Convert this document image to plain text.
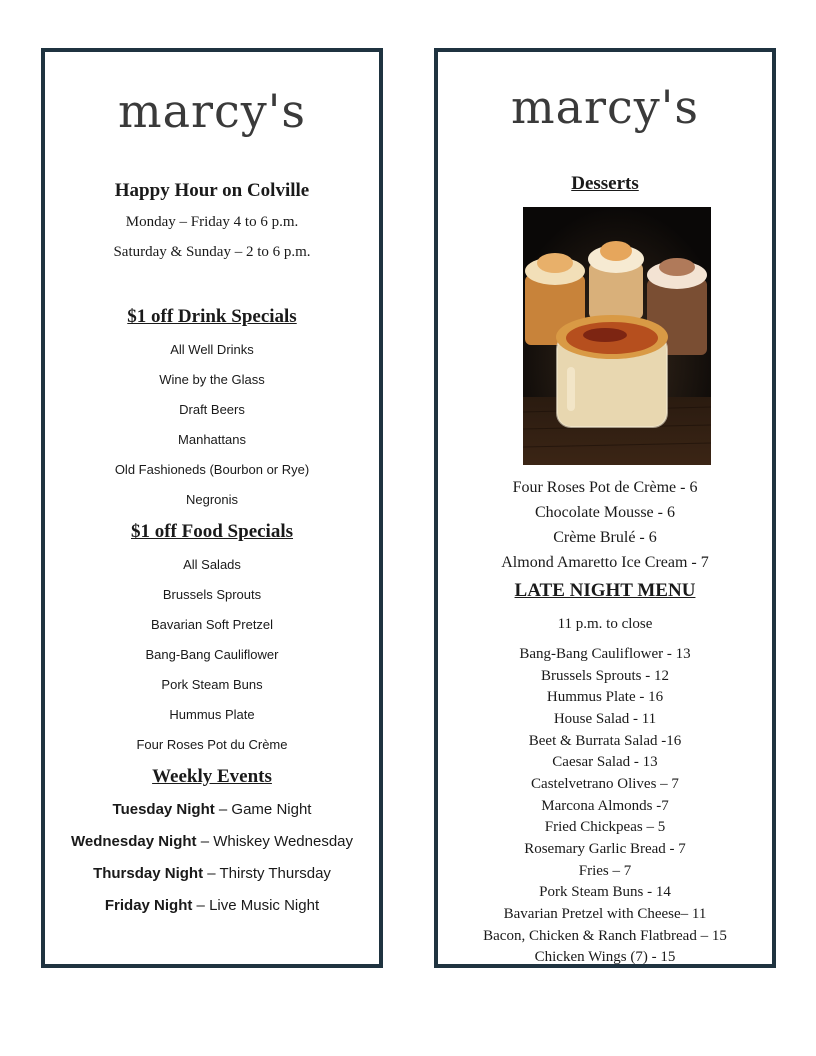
marcy's
Happy Hour on Colville
Monday – Friday 4 to 6 p.m.
Saturday & Sunday – 2 to 6 p.m.
$1 off Drink Specials
All Well Drinks
Wine by the Glass
Draft Beers
Manhattans
Old Fashioneds (Bourbon or Rye)
Negronis
$1 off Food Specials
All Salads
Brussels Sprouts
Bavarian Soft Pretzel
Bang-Bang Cauliflower
Pork Steam Buns
Hummus Plate
Four Roses Pot du Crème
Weekly Events
Tuesday Night – Game Night
Wednesday Night – Whiskey Wednesday
Thursday Night – Thirsty Thursday
Friday Night – Live Music Night
marcy's
Desserts
Four Roses Pot de Crème - 6
Chocolate Mousse - 6
Crème Brulé - 6
Almond Amaretto Ice Cream - 7
LATE NIGHT MENU
11 p.m. to close
Bang-Bang Cauliflower - 13
Brussels Sprouts - 12
Hummus Plate - 16
House Salad - 11
Beet & Burrata Salad -16
Caesar Salad - 13
Castelvetrano Olives – 7
Marcona Almonds -7
Fried Chickpeas – 5
Rosemary Garlic Bread - 7
Fries – 7
Pork Steam Buns - 14
Bavarian Pretzel with Cheese– 11
Bacon, Chicken & Ranch Flatbread – 15
Chicken Wings (7) - 15
